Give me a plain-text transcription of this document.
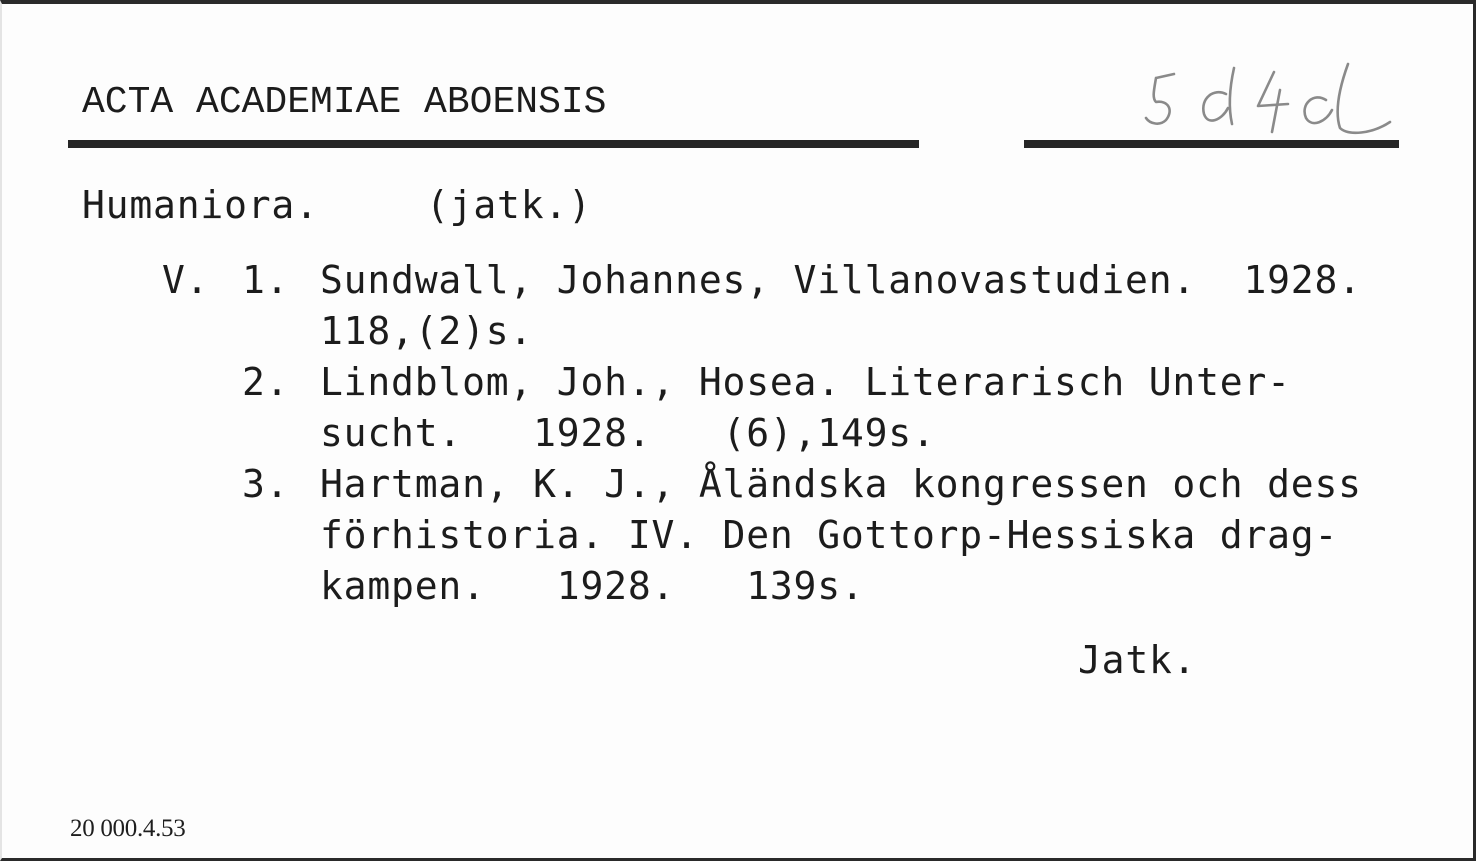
ACTA ACADEMIAE ABOENSIS
Humaniora.	(jatk.)
V. 1. Sundwall, Johannes, Villanovastudien.  1928.
118,(2)s.
2. Lindblom, Joh., Hosea. Literarisch Unter-
sucht.   1928.   (6),149s.
3. Hartman, K. J., Åländska kongressen och dess
förhistoria. IV. Den Gottorp-Hessiska drag-
kampen.   1928.   139s.
Jatk.
20 000.4.53
